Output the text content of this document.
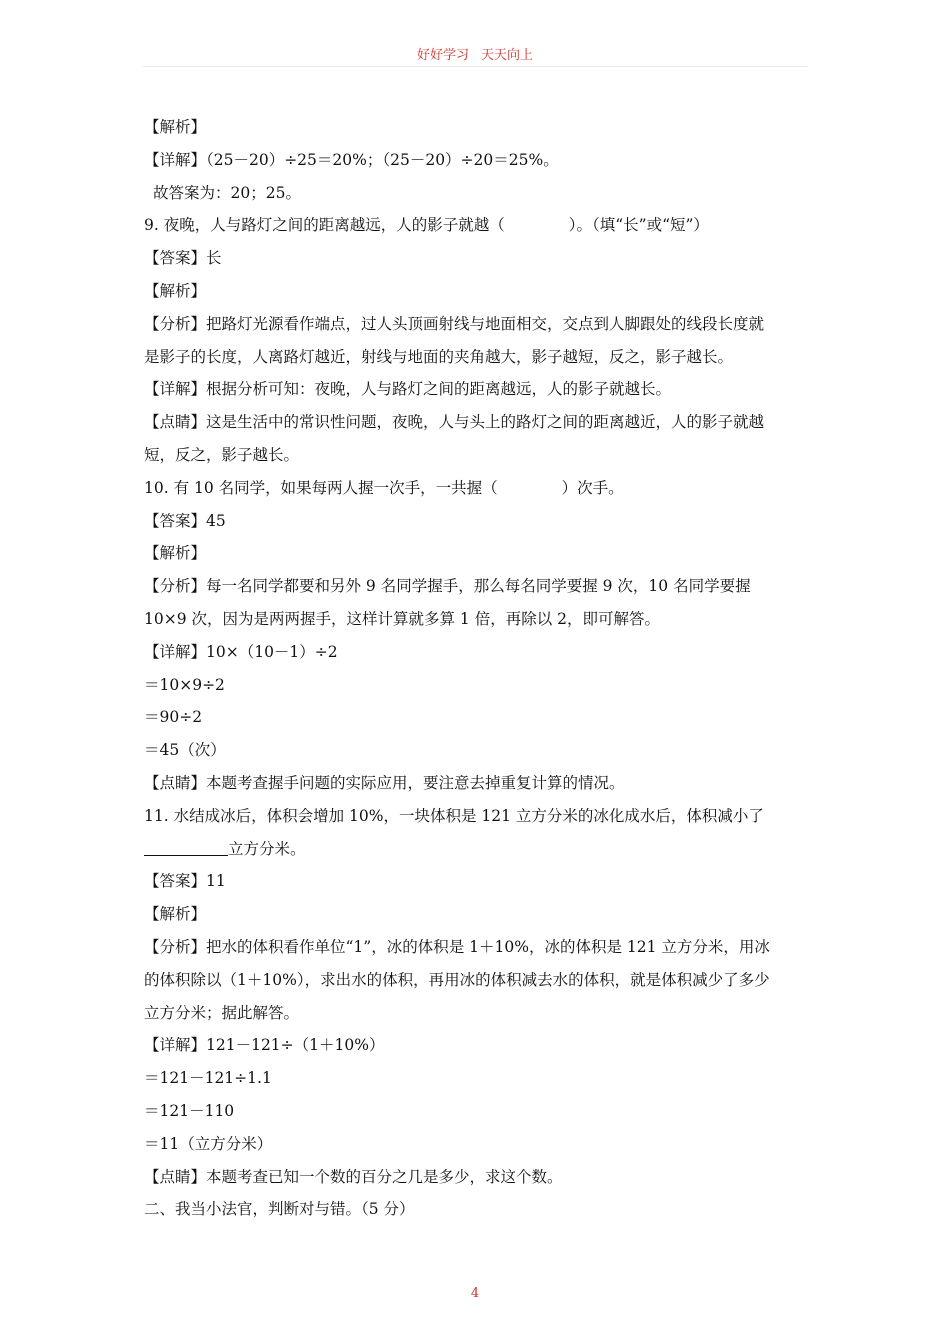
好好学习 天天向上
【解析】
【详解】（25－20）÷25＝20%；（25－20）÷20＝25%。
故答案为：20；25。
9. 夜晚，人与路灯之间的距离越远，人的影子就越（	）。（填“长”或“短”）
【答案】长
【解析】
【分析】把路灯光源看作端点，过人头顶画射线与地面相交，交点到人脚跟处的线段长度就
是影子的长度，人离路灯越近，射线与地面的夹角越大，影子越短，反之，影子越长。
【详解】根据分析可知：夜晚，人与路灯之间的距离越远，人的影子就越长。
【点睛】这是生活中的常识性问题，夜晚，人与头上的路灯之间的距离越近，人的影子就越
短，反之，影子越长。
10. 有 10 名同学，如果每两人握一次手，一共握（	）次手。
【答案】45
【解析】
【分析】每一名同学都要和另外 9 名同学握手，那么每名同学要握 9 次，10 名同学要握
10×9 次，因为是两两握手，这样计算就多算 1 倍，再除以 2，即可解答。
【详解】10×（10－1）÷2
＝10×9÷2
＝90÷2
＝45（次）
【点睛】本题考查握手问题的实际应用，要注意去掉重复计算的情况。
11. 水结成冰后，体积会增加 10%，一块体积是 121 立方分米的冰化成水后，体积减小了
立方分米。
【答案】11
【解析】
【分析】把水的体积看作单位“1”，冰的体积是 1＋10%，冰的体积是 121 立方分米，用冰
的体积除以（1＋10%），求出水的体积，再用冰的体积减去水的体积，就是体积减少了多少
立方分米；据此解答。
【详解】121－121÷（1＋10%）
＝121－121÷1.1
＝121－110
＝11（立方分米）
【点睛】本题考查已知一个数的百分之几是多少，求这个数。
二、我当小法官，判断对与错。（5 分）
4
